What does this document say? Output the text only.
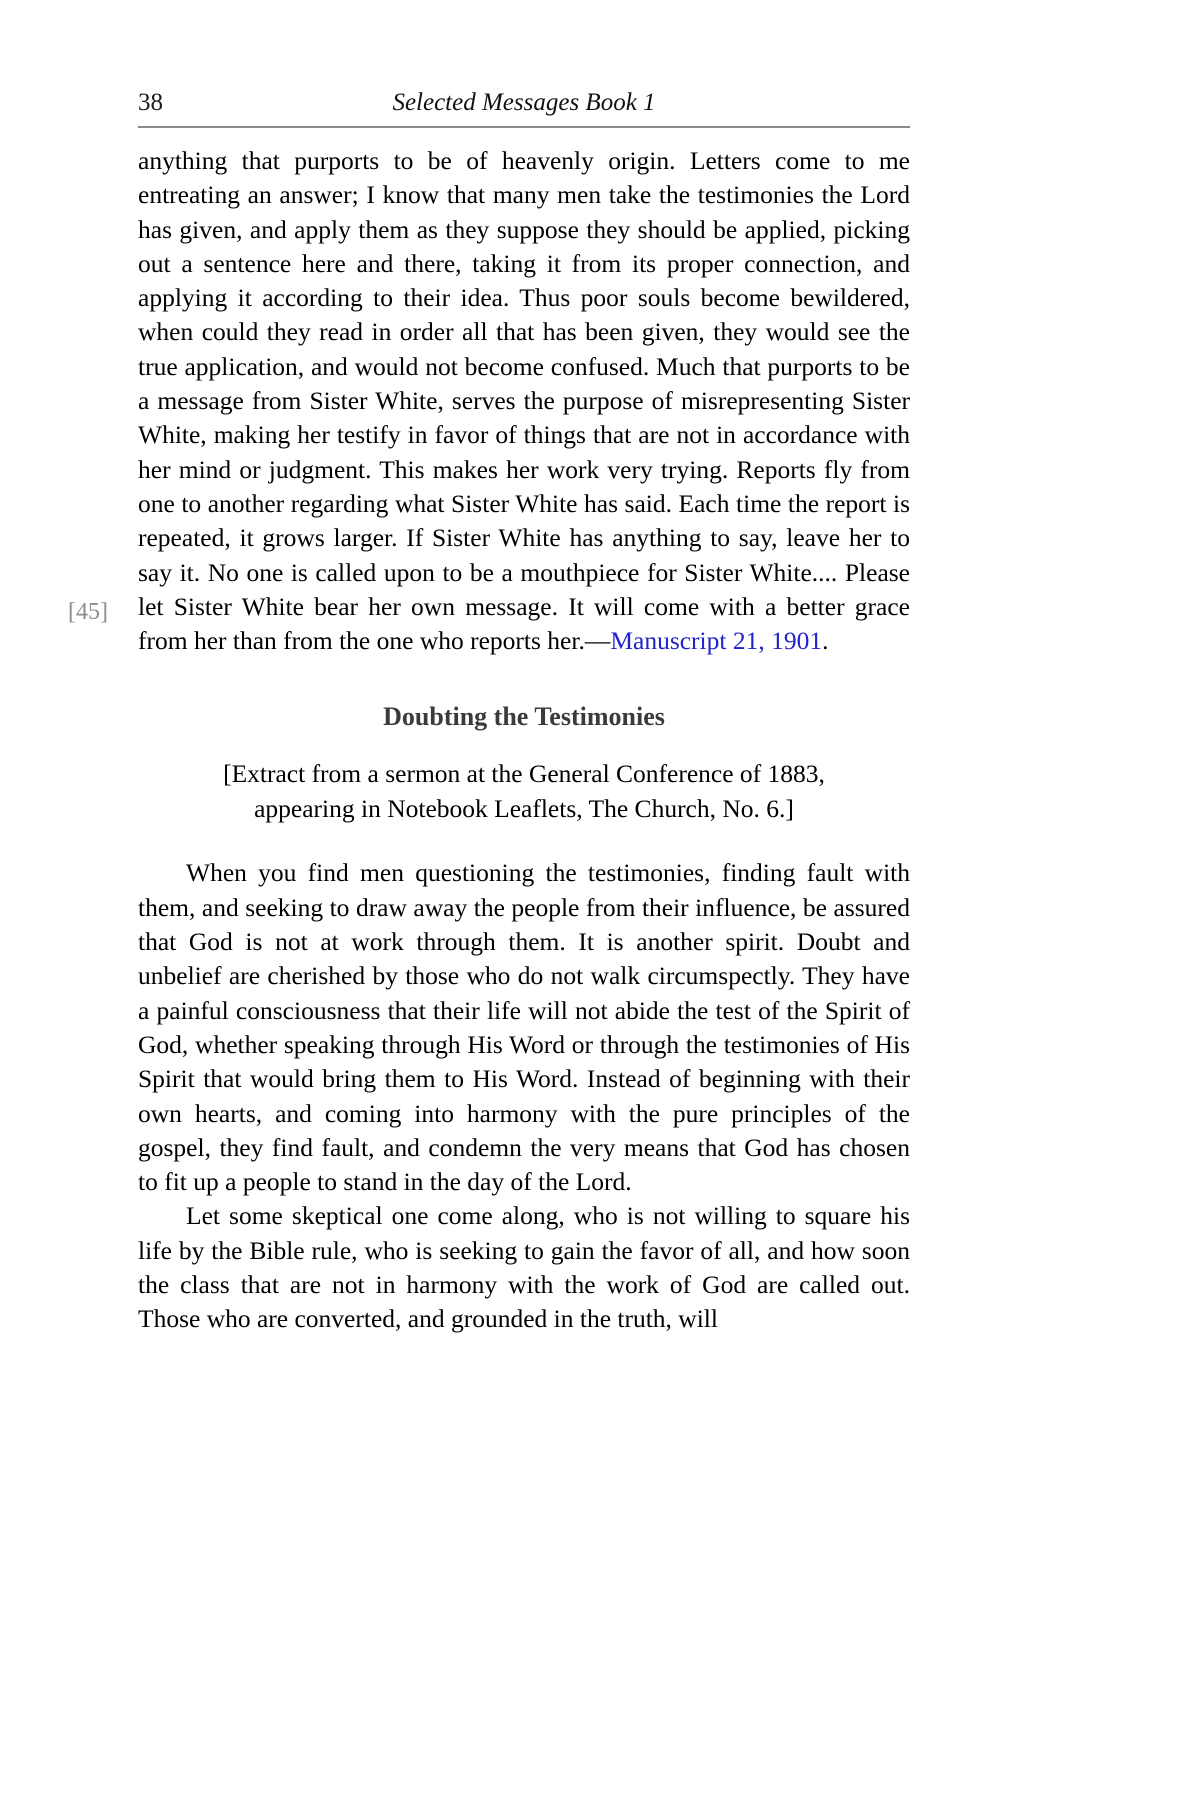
38	Selected Messages Book 1
[45]

anything that purports to be of heavenly origin. Letters come to me entreating an answer; I know that many men take the testimonies the Lord has given, and apply them as they suppose they should be applied, picking out a sentence here and there, taking it from its proper connection, and applying it according to their idea. Thus poor souls become bewildered, when could they read in order all that has been given, they would see the true application, and would not become confused. Much that purports to be a message from Sister White, serves the purpose of misrepresenting Sister White, making her testify in favor of things that are not in accordance with her mind or judgment. This makes her work very trying. Reports fly from one to another regarding what Sister White has said. Each time the report is repeated, it grows larger. If Sister White has anything to say, leave her to say it. No one is called upon to be a mouthpiece for Sister White.... Please let Sister White bear her own message. It will come with a better grace from her than from the one who reports her.—Manuscript 21, 1901.

Doubting the Testimonies

[Extract from a sermon at the General Conference of 1883,
appearing in Notebook Leaflets, The Church, No. 6.]

When you find men questioning the testimonies, finding fault with them, and seeking to draw away the people from their influence, be assured that God is not at work through them. It is another spirit. Doubt and unbelief are cherished by those who do not walk circumspectly. They have a painful consciousness that their life will not abide the test of the Spirit of God, whether speaking through His Word or through the testimonies of His Spirit that would bring them to His Word. Instead of beginning with their own hearts, and coming into harmony with the pure principles of the gospel, they find fault, and condemn the very means that God has chosen to fit up a people to stand in the day of the Lord.

Let some skeptical one come along, who is not willing to square his life by the Bible rule, who is seeking to gain the favor of all, and how soon the class that are not in harmony with the work of God are called out. Those who are converted, and grounded in the truth, will
